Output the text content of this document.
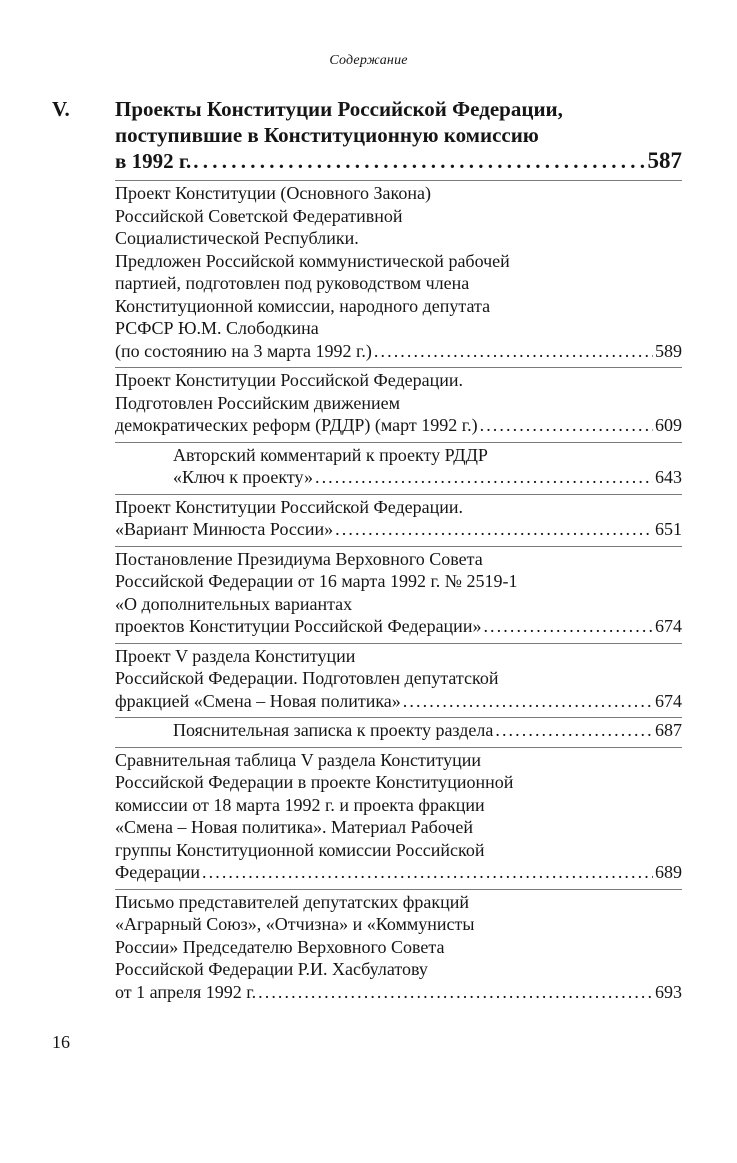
Содержание
V. Проекты Конституции Российской Федерации,
поступившие в Конституционную комиссию
в 1992 г. . . .	587
Проект Конституции (Основного Закона)
Российской Советской Федеративной
Социалистической Республики.
Предложен Российской коммунистической рабочей
партией, подготовлен под руководством члена
Конституционной комиссии, народного депутата
РСФСР Ю.М. Слободкина
(по состоянию на 3 марта 1992 г.) . . .	589
Проект Конституции Российской Федерации.
Подготовлен Российским движением
демократических реформ (РДДР) (март 1992 г.) . . .	609
Авторский комментарий к проекту РДДР
«Ключ к проекту» . . .	643
Проект Конституции Российской Федерации.
«Вариант Минюста России» . . .	651
Постановление Президиума Верховного Совета
Российской Федерации от 16 марта 1992 г. № 2519-1
«О дополнительных вариантах
проектов Конституции Российской Федерации» . . .	674
Проект V раздела Конституции
Российской Федерации. Подготовлен депутатской
фракцией «Смена – Новая политика» . . .	674
Пояснительная записка к проекту раздела . . .	687
Сравнительная таблица V раздела Конституции
Российской Федерации в проекте Конституционной
комиссии от 18 марта 1992 г. и проекта фракции
«Смена – Новая политика». Материал Рабочей
группы Конституционной комиссии Российской
Федерации . . .	689
Письмо представителей депутатских фракций
«Аграрный Союз», «Отчизна» и «Коммунисты
России» Председателю Верховного Совета
Российской Федерации Р.И. Хасбулатову
от 1 апреля 1992 г. . . .	693
16
